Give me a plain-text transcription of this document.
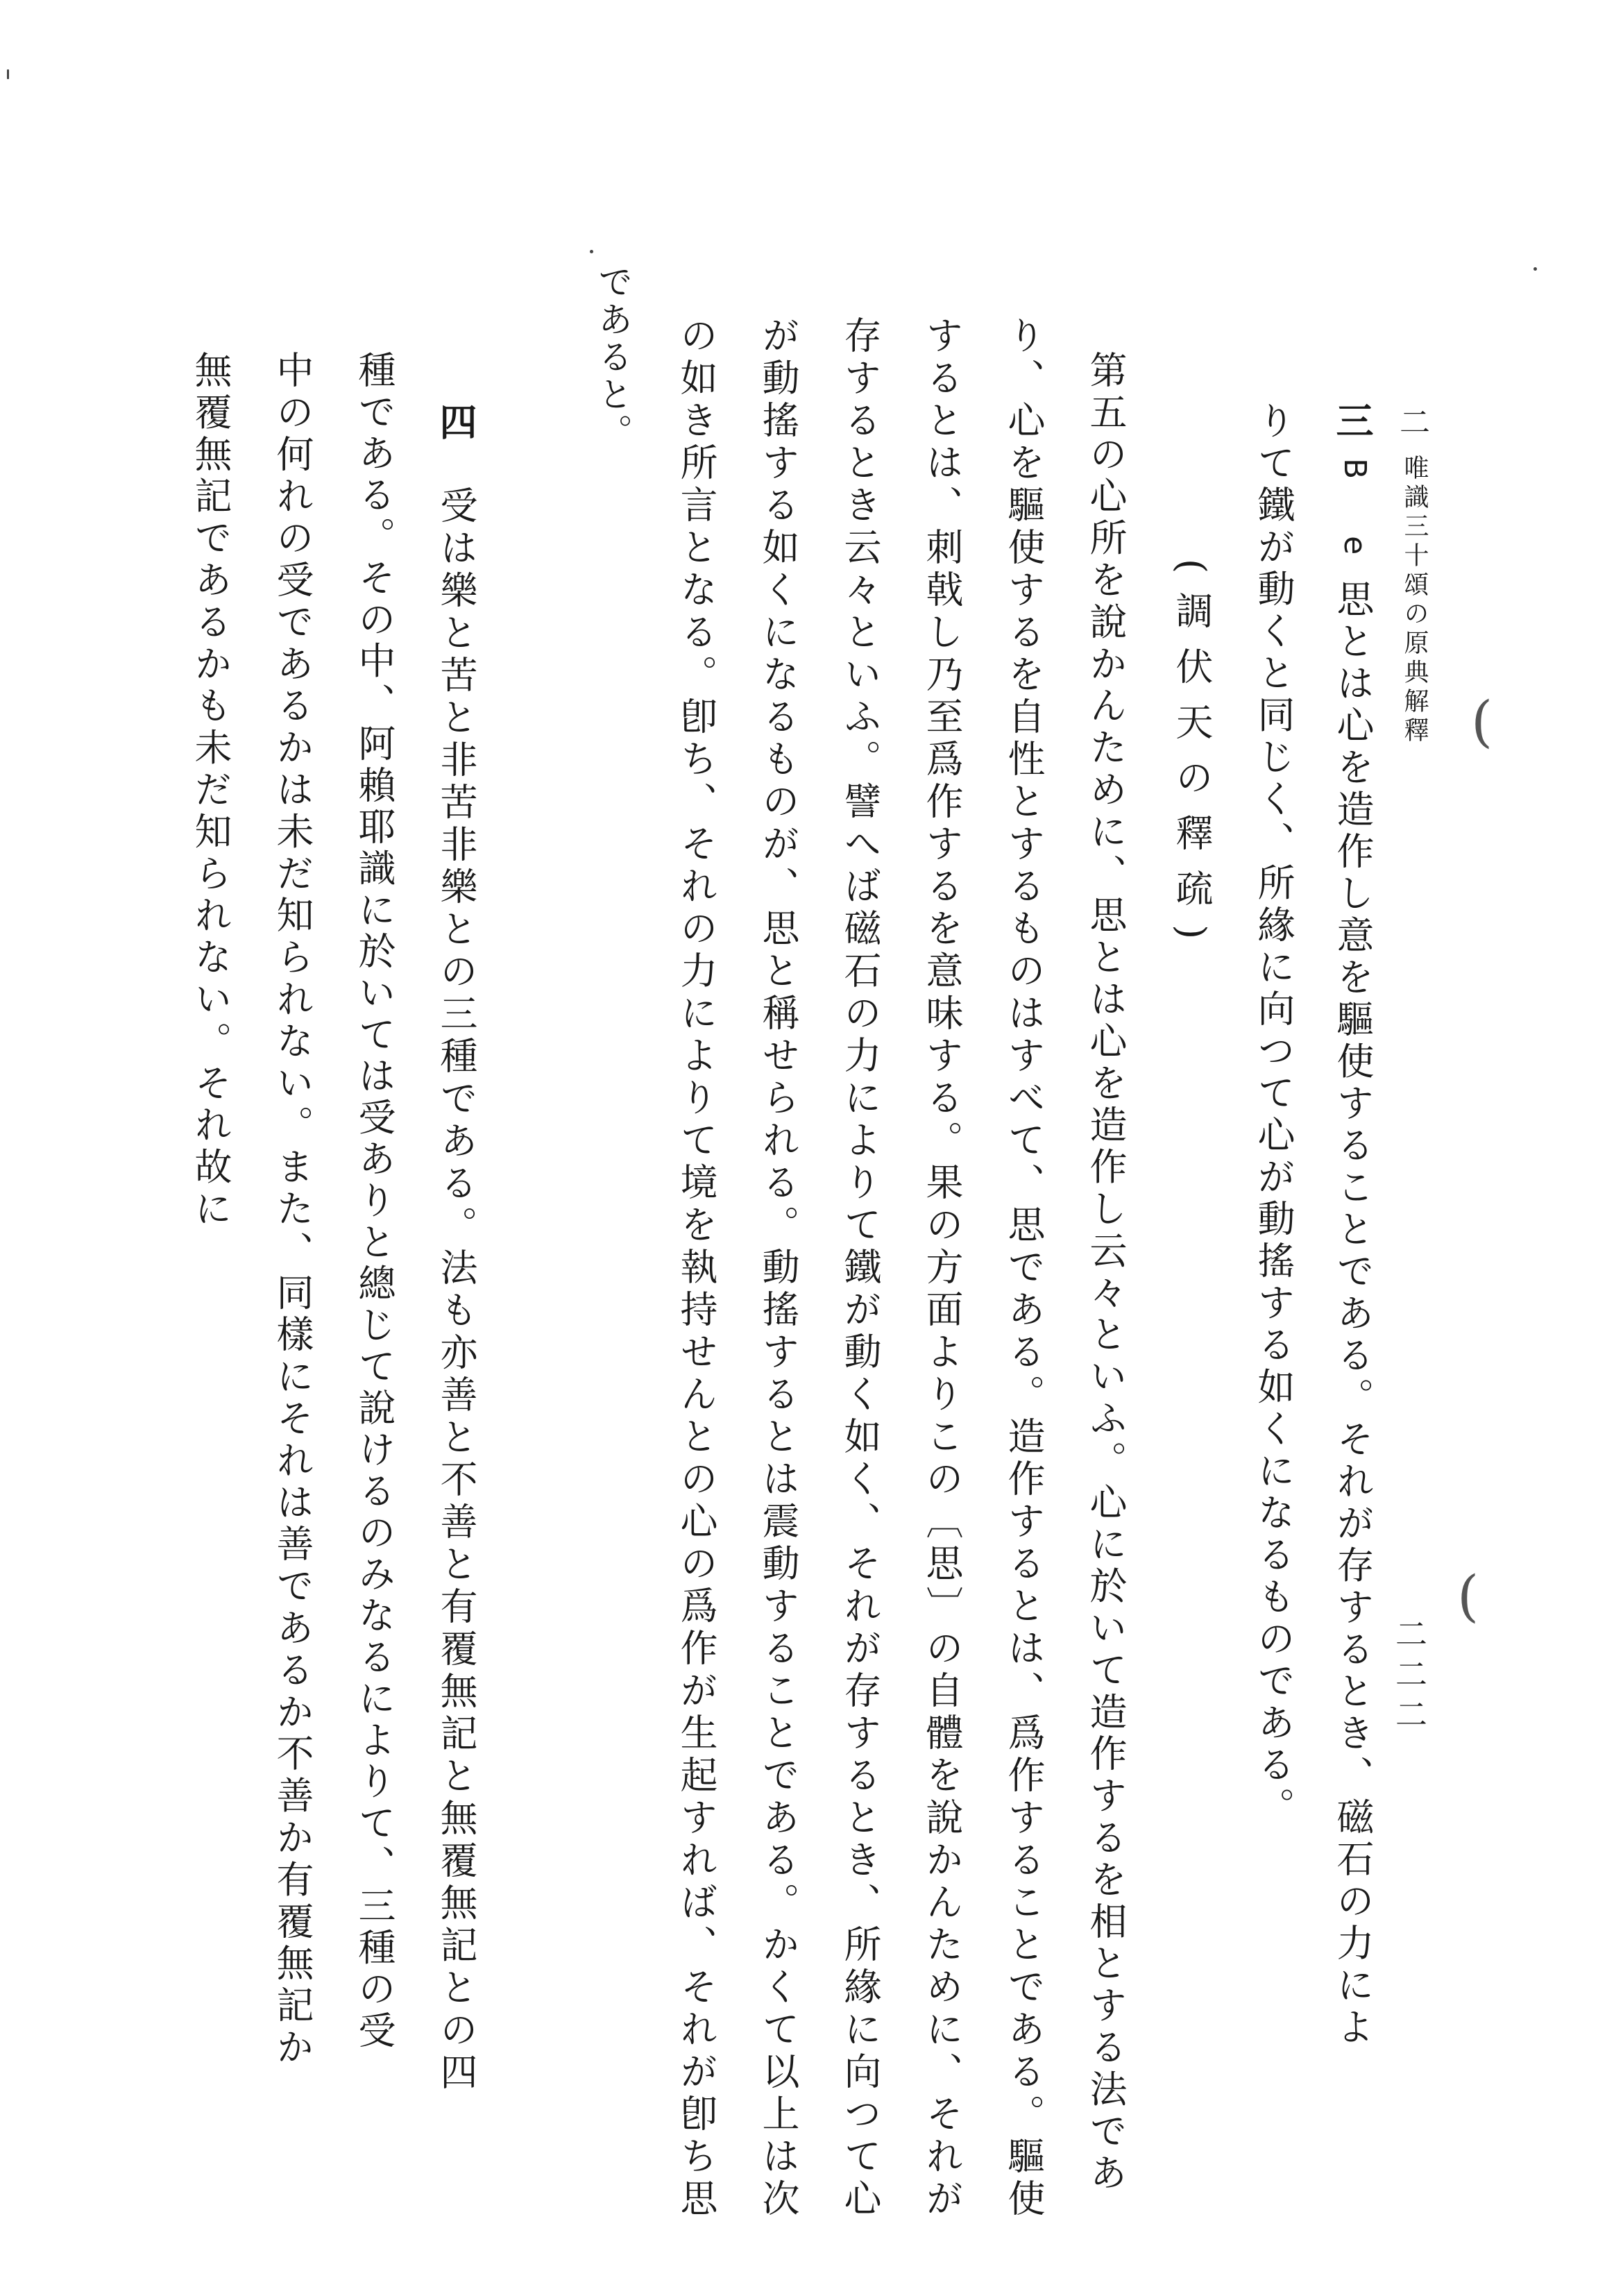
二
唯識三十頌の原典解釋
二二二
三
B e
思とは心を造作し意を驅使することである。それが存するとき、磁石の力によ
りて鐵が動くと同じく、所緣に向つて心が動搖する如くになるものである。
(調伏天の釋疏)
第五の心所を說かんために、思とは心を造作し云々といふ。心に於いて造作するを相とする法であ
り、心を驅使するを自性とするものはすべて、思である。造作するとは、爲作することである。驅使
するとは、刺戟し乃至爲作するを意味する。果の方面よりこの〔思〕の自體を說かんために、それが
存するとき云々といふ。譬へば磁石の力によりて鐵が動く如く、それが存するとき、所緣に向つて心
が動搖する如くになるものが、思と稱せられる。動搖するとは震動することである。かくて以上は次
の如き所言となる。卽ち、それの力によりて境を執持せんとの心の爲作が生起すれば、それが卽ち思
であると。
四
受は樂と苦と非苦非樂との三種である。法も亦善と不善と有覆無記と無覆無記との四
種である。その中、阿賴耶識に於いては受ありと總じて說けるのみなるによりて、三種の受
中の何れの受であるかは未だ知られない。また、同樣にそれは善であるか不善か有覆無記か
無覆無記であるかも未だ知られない。それ故に	(
(
